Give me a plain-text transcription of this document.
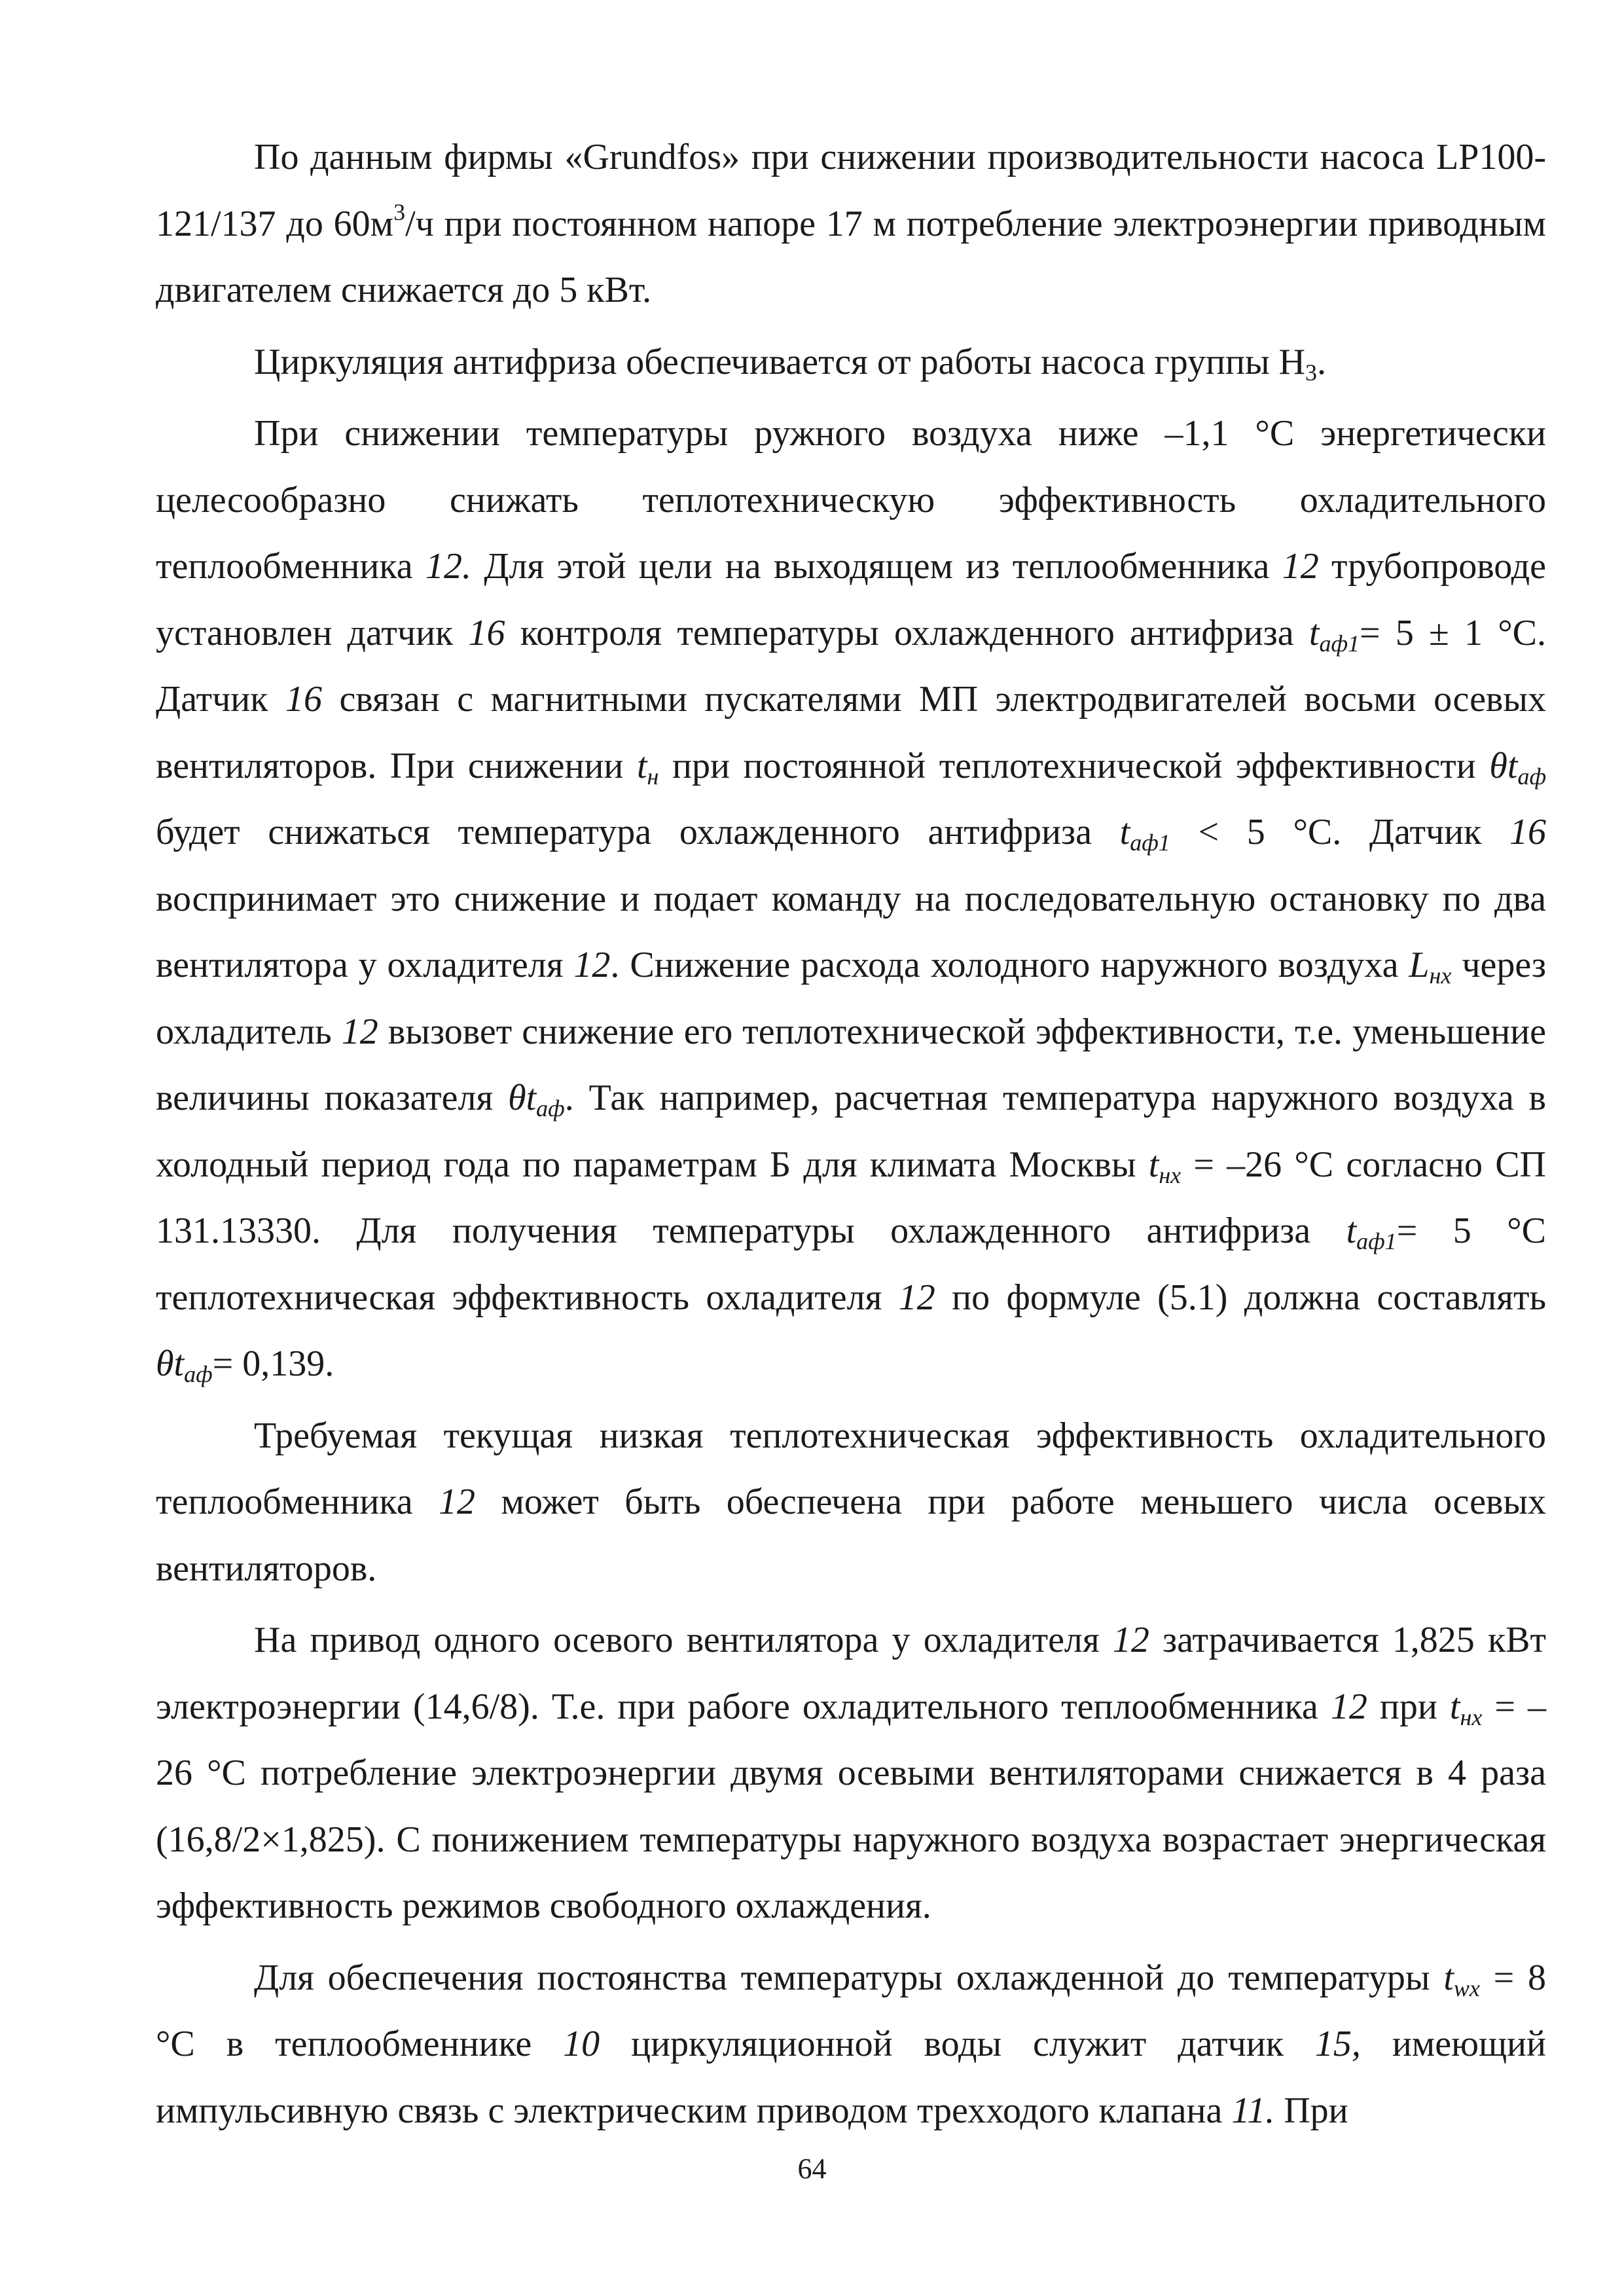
По данным фирмы «Grundfos» при снижении производительности насоса LP100-121/137 до $60м^3/ч$ при постоянном напоре 17 м потребление электроэнергии приводным двигателем снижается до 5 кВт.

Циркуляция антифриза обеспечивается от работы насоса группы $Н_3$.

При снижении температуры ружного воздуха ниже –1,1 °С энергетически целесообразно снижать теплотехническую эффективность охладительного теплообменника 12. Для этой цели на выходящем из теплообменника 12 трубопроводе установлен датчик 16 контроля температуры охлажденного антифриза $t_{аф1}= 5 \pm 1$ °С. Датчик 16 связан с магнитными пускателями МП электродвигателей восьми осевых вентиляторов. При снижении $t_н$ при постоянной теплотехнической эффективности $\theta t_{аф}$ будет снижаться температура охлажденного антифриза $t_{аф1} < 5$ °С. Датчик 16 воспринимает это снижение и подает команду на последовательную остановку по два вентилятора у охладителя 12. Снижение расхода холодного наружного воздуха $L_{нх}$ через охладитель 12 вызовет снижение его теплотехнической эффективности, т.е. уменьшение величины показателя $\theta t_{аф}$. Так например, расчетная температура наружного воздуха в холодный период года по параметрам Б для климата Москвы $t_{нх} = -26$ °С согласно СП 131.13330. Для получения температуры охлажденного антифриза $t_{аф1}= 5$ °С теплотехническая эффективность охладителя 12 по формуле (5.1) должна составлять $\theta t_{аф}= 0,139$.

Требуемая текущая низкая теплотехническая эффективность охладительного теплообменника 12 может быть обеспечена при работе меньшего числа осевых вентиляторов.

На привод одного осевого вентилятора у охладителя 12 затрачивается 1,825 кВт электроэнергии (14,6/8). Т.е. при рабоге охладительного теплообменника 12 при $t_{нх} = -26$ °С потребление электроэнергии двумя осевыми вентиляторами снижается в 4 раза (16,8/2×1,825). С понижением температуры наружного воздуха возрастает энергическая эффективность режимов свободного охлаждения.

Для обеспечения постоянства температуры охлажденной до температуры $t_{wx} = 8$ °С в теплообменнике 10 циркуляционной воды служит датчик 15, имеющий импульсивную связь с электрическим приводом трехходого клапана 11. При

64
